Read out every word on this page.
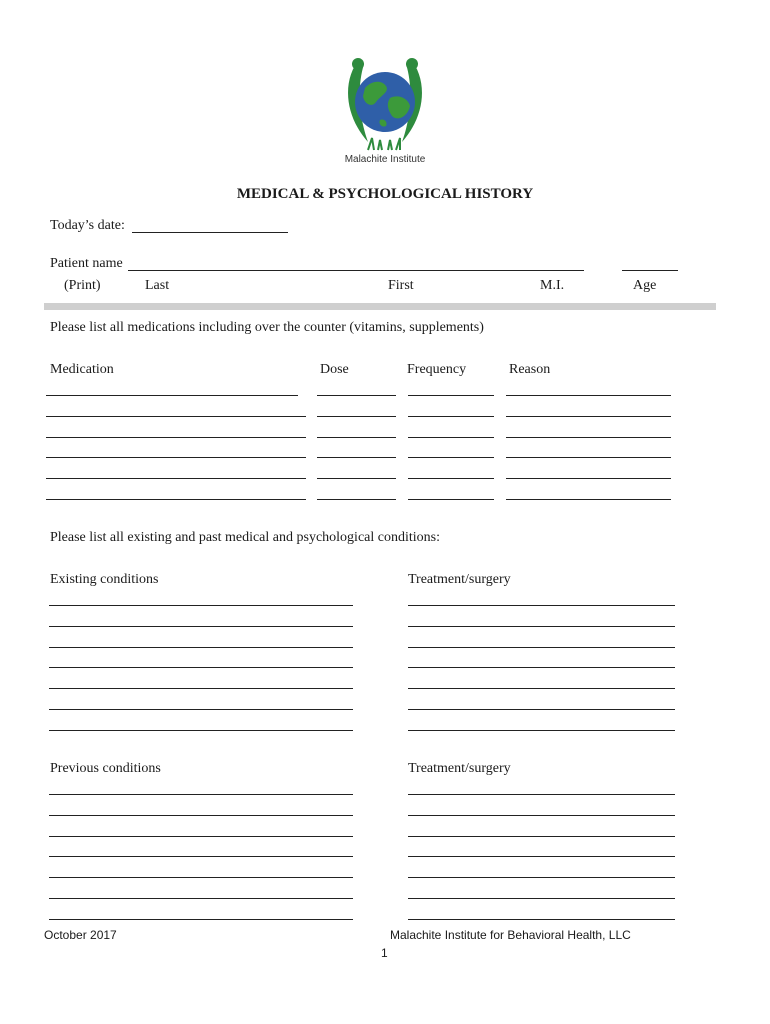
Malachite Institute
MEDICAL & PSYCHOLOGICAL HISTORY
Today’s date:
Patient name
(Print)	Last	First	M.I.	Age
Please list all medications including over the counter (vitamins, supplements)
Medication	Dose	Frequency	Reason
Please list all existing and past medical and psychological conditions:
Existing conditions	Treatment/surgery
Previous conditions	Treatment/surgery
October 2017	Malachite Institute for Behavioral Health, LLC
1
